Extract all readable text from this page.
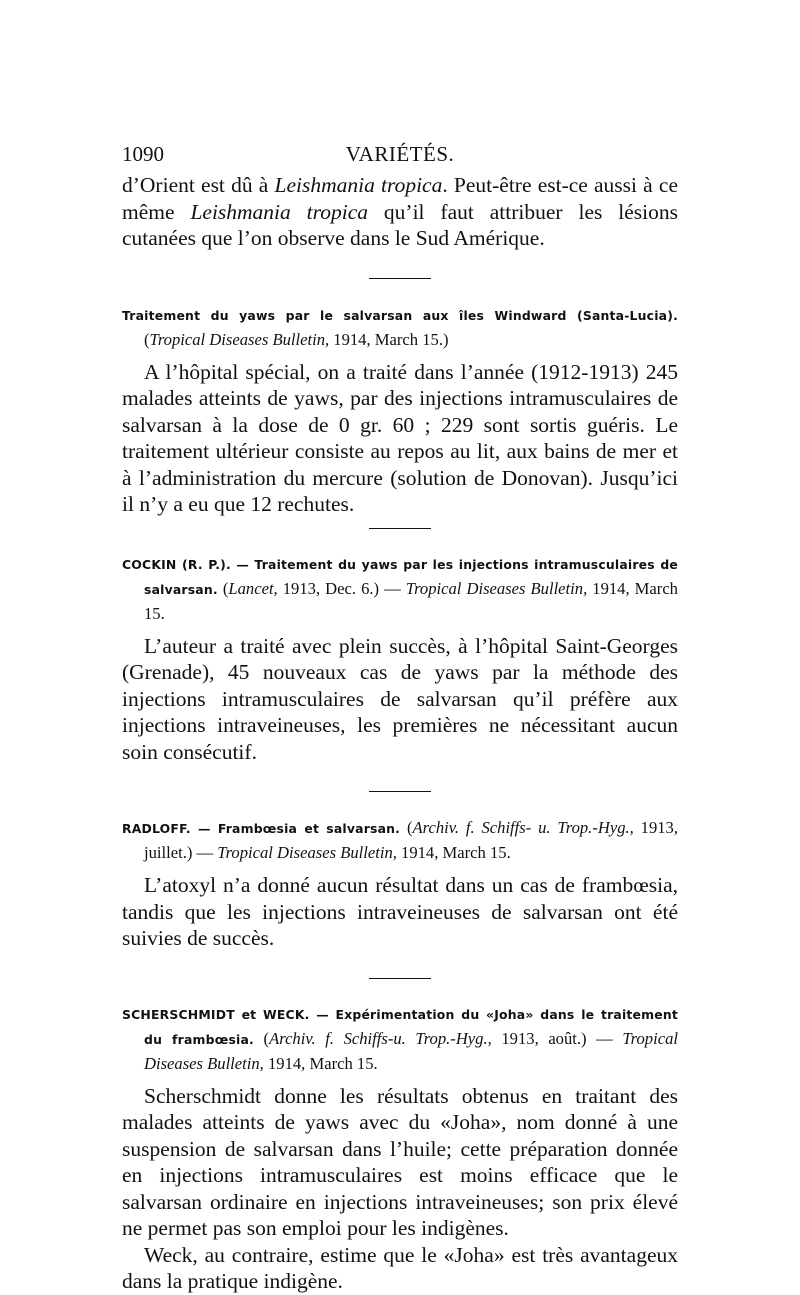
1090	VARIÉTÉS.

d’Orient est dû à Leishmania tropica. Peut-être est-ce aussi à ce même Leishmania tropica qu’il faut attribuer les lésions cutanées que l’on observe dans le Sud Amérique.

Traitement du yaws par le salvarsan aux îles Windward (Santa-Lucia). (Tropical Diseases Bulletin, 1914, March 15.)

A l’hôpital spécial, on a traité dans l’année (1912-1913) 245 malades atteints de yaws, par des injections intramusculaires de salvarsan à la dose de 0 gr. 60 ; 229 sont sortis guéris. Le traitement ultérieur consiste au repos au lit, aux bains de mer et à l’administration du mercure (solution de Donovan). Jusqu’ici il n’y a eu que 12 rechutes.

COCKIN (R. P.). — Traitement du yaws par les injections intramusculaires de salvarsan. (Lancet, 1913, Dec. 6.) — Tropical Diseases Bulletin, 1914, March 15.

L’auteur a traité avec plein succès, à l’hôpital Saint-Georges (Grenade), 45 nouveaux cas de yaws par la méthode des injections intramusculaires de salvarsan qu’il préfère aux injections intraveineuses, les premières ne nécessitant aucun soin consécutif.

RADLOFF. — Frambœsia et salvarsan. (Archiv. f. Schiffs- u. Trop.-Hyg., 1913, juillet.) — Tropical Diseases Bulletin, 1914, March 15.

L’atoxyl n’a donné aucun résultat dans un cas de frambœsia, tandis que les injections intraveineuses de salvarsan ont été suivies de succès.

SCHERSCHMIDT et WECK. — Expérimentation du «Joha» dans le traitement du frambœsia. (Archiv. f. Schiffs-u. Trop.-Hyg., 1913, août.) — Tropical Diseases Bulletin, 1914, March 15.

Scherschmidt donne les résultats obtenus en traitant des malades atteints de yaws avec du «Joha», nom donné à une suspension de salvarsan dans l’huile; cette préparation donnée en injections intramusculaires est moins efficace que le salvarsan ordinaire en injections intraveineuses; son prix élevé ne permet pas son emploi pour les indigènes.

Weck, au contraire, estime que le «Joha» est très avantageux dans la pratique indigène.
